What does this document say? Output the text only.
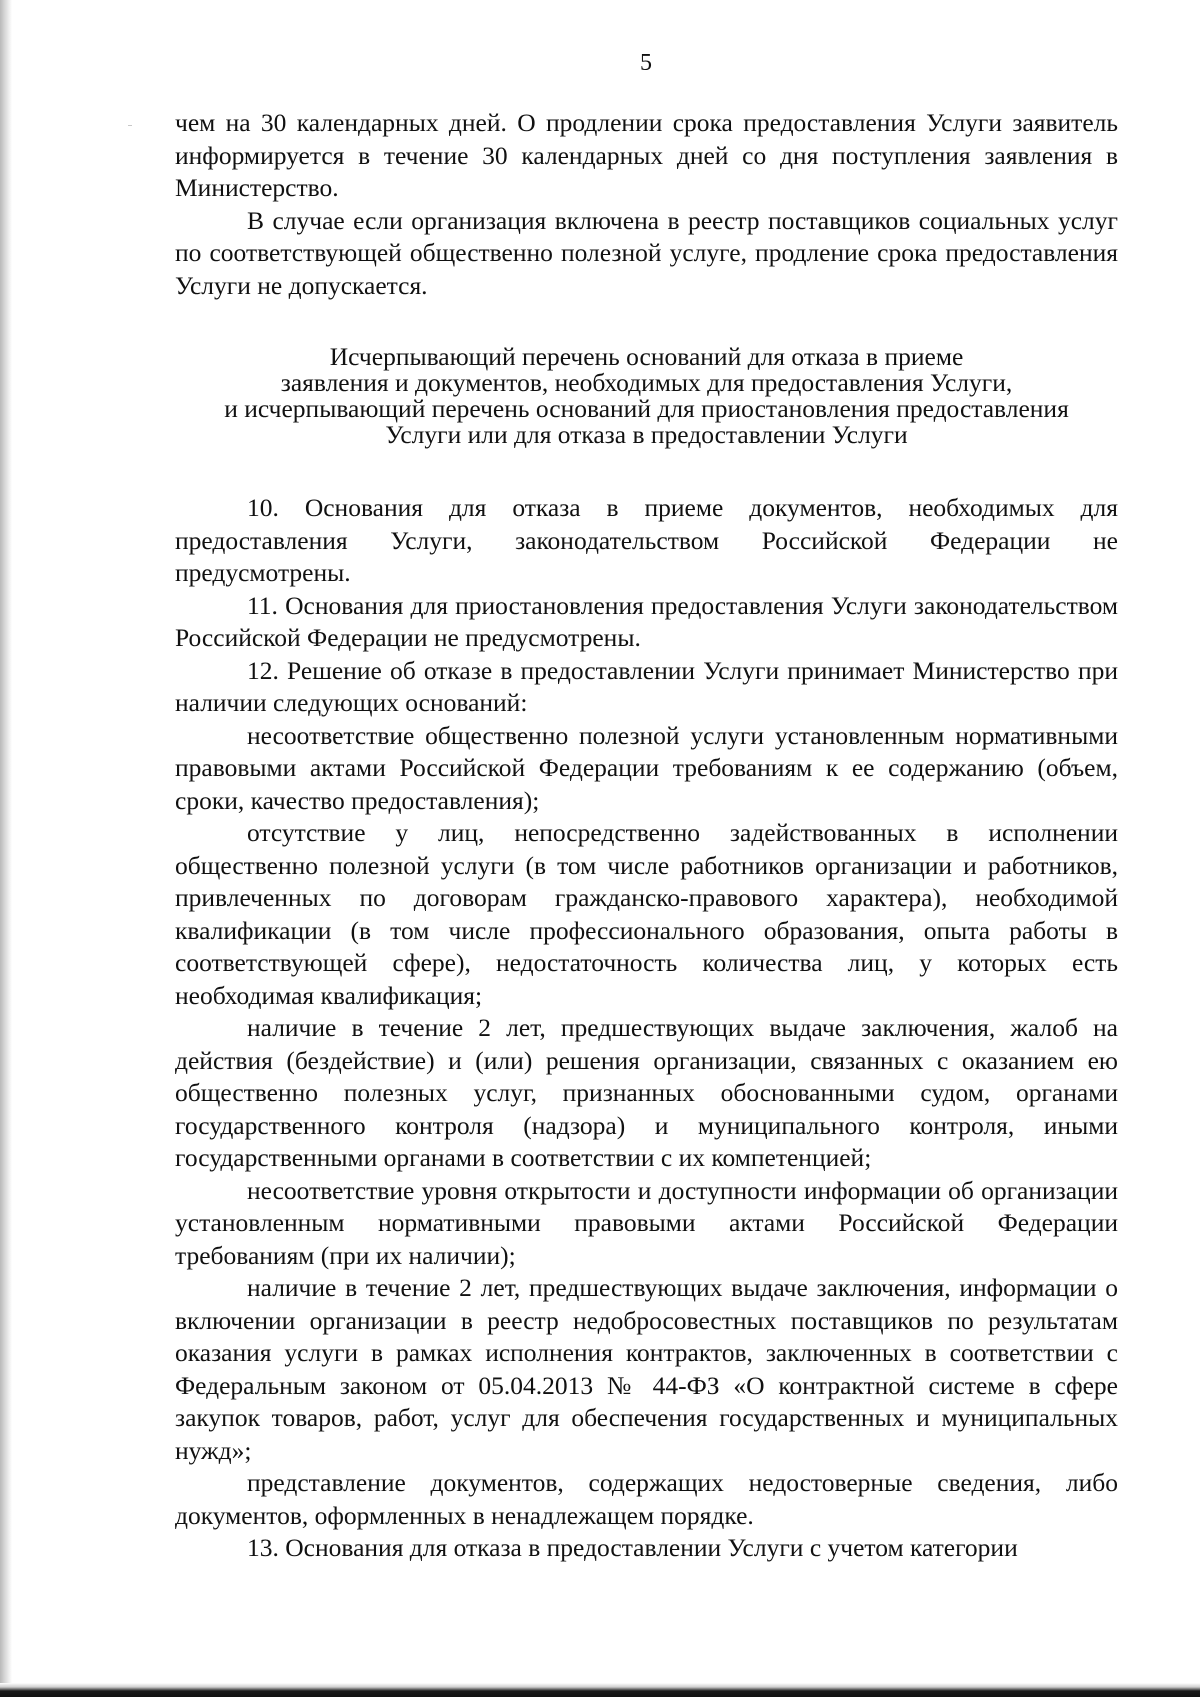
5

чем на 30 календарных дней. О продлении срока предоставления Услуги заявитель информируется в течение 30 календарных дней со дня поступления заявления в Министерство.

В случае если организация включена в реестр поставщиков социальных услуг по соответствующей общественно полезной услуге, продление срока предоставления Услуги не допускается.

Исчерпывающий перечень оснований для отказа в приеме
заявления и документов, необходимых для предоставления Услуги,
и исчерпывающий перечень оснований для приостановления предоставления
Услуги или для отказа в предоставлении Услуги

10. Основания для отказа в приеме документов, необходимых для предоставления Услуги, законодательством Российской Федерации не предусмотрены.

11. Основания для приостановления предоставления Услуги законодательством Российской Федерации не предусмотрены.

12. Решение об отказе в предоставлении Услуги принимает Министерство при наличии следующих оснований:

несоответствие общественно полезной услуги установленным нормативными правовыми актами Российской Федерации требованиям к ее содержанию (объем, сроки, качество предоставления);

отсутствие у лиц, непосредственно задействованных в исполнении общественно полезной услуги (в том числе работников организации и работников, привлеченных по договорам гражданско-правового характера), необходимой квалификации (в том числе профессионального образования, опыта работы в соответствующей сфере), недостаточность количества лиц, у которых есть необходимая квалификация;

наличие в течение 2 лет, предшествующих выдаче заключения, жалоб на действия (бездействие) и (или) решения организации, связанных с оказанием ею общественно полезных услуг, признанных обоснованными судом, органами государственного контроля (надзора) и муниципального контроля, иными государственными органами в соответствии с их компетенцией;

несоответствие уровня открытости и доступности информации об организации установленным нормативными правовыми актами Российской Федерации требованиям (при их наличии);

наличие в течение 2 лет, предшествующих выдаче заключения, информации о включении организации в реестр недобросовестных поставщиков по результатам оказания услуги в рамках исполнения контрактов, заключенных в соответствии с Федеральным законом от 05.04.2013 № 44-ФЗ «О контрактной системе в сфере закупок товаров, работ, услуг для обеспечения государственных и муниципальных нужд»;

представление документов, содержащих недостоверные сведения, либо документов, оформленных в ненадлежащем порядке.

13. Основания для отказа в предоставлении Услуги с учетом категории
